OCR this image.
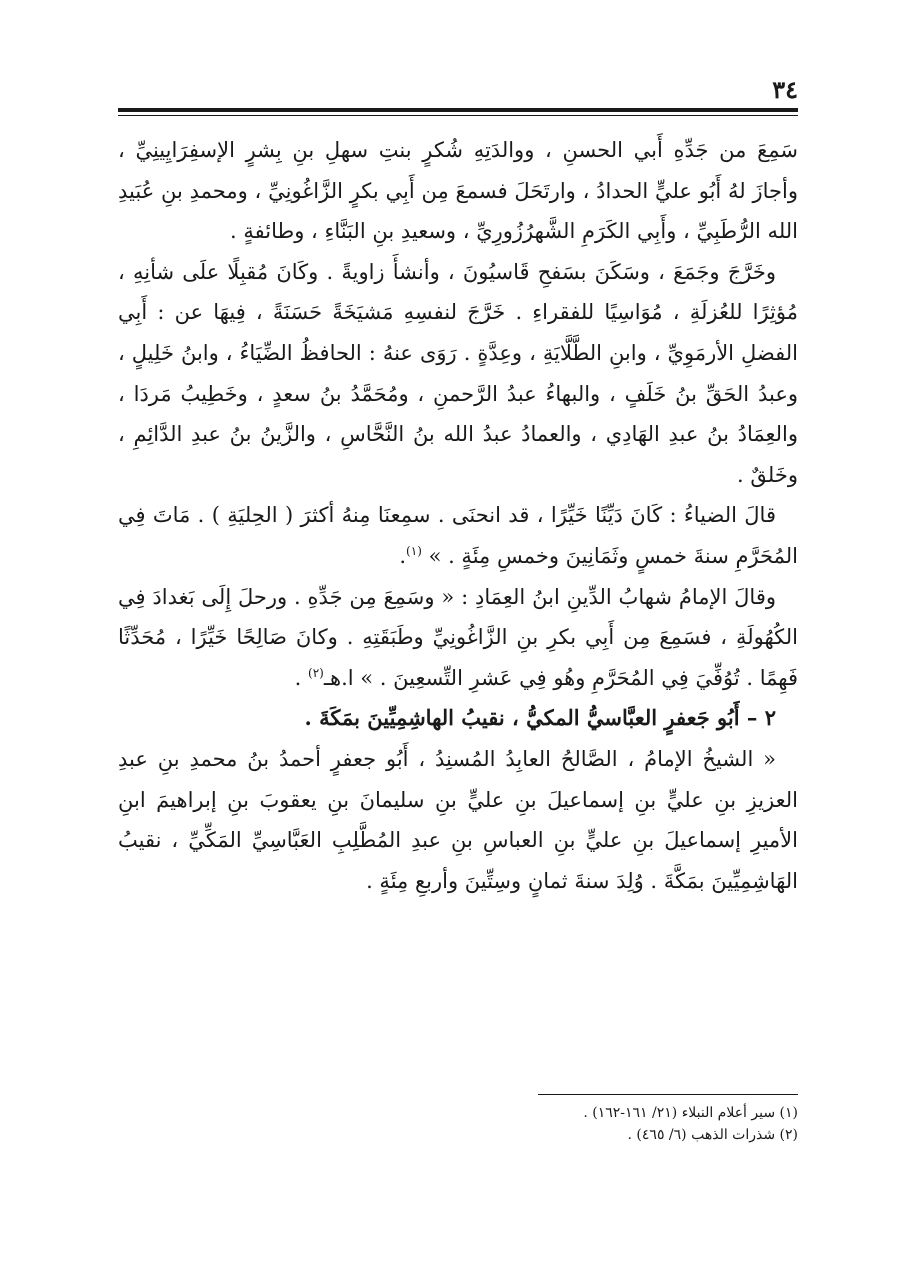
٣٤

سَمِعَ من جَدِّهِ أَبي الحسنِ ، ووالدَتِهِ شُكرٍ بنتِ سهلِ بنِ بِشرٍ الإسفِرَايِينِيِّ ، وأجازَ لهُ أَبُو عليٍّ الحدادُ ، وارتَحَلَ فسمعَ مِن أَبِي بكرٍ الزَّاغُونِيِّ ، ومحمدِ بنِ عُبَيدِ الله الرُّطَبِيِّ ، وأَبِي الكَرَمِ الشَّهرُزُورِيِّ ، وسعيدِ بنِ البَنَّاءِ ، وطائفةٍ .

وخَرَّجَ وجَمَعَ ، وسَكَنَ بسَفحِ قَاسيُونَ ، وأنشأَ زاويةً . وكَانَ مُقبِلًا علَى شأنِهِ ، مُؤثِرًا للعُزلَةِ ، مُوَاسِيًا للفقراءِ . خَرَّجَ لنفسِهِ مَشيَخَةً حَسَنَةً ، فِيهَا عن : أَبِي الفضلِ الأرمَوِيِّ ، وابنِ الطَّلَّايَةِ ، وعِدَّةٍ . رَوَى عنهُ : الحافظُ الضِّيَاءُ ، وابنُ خَلِيلٍ ، وعبدُ الحَقِّ بنُ خَلَفٍ ، والبهاءُ عبدُ الرَّحمنِ ، ومُحَمَّدُ بنُ سعدٍ ، وخَطِيبُ مَردَا ، والعِمَادُ بنُ عبدِ الهَادِي ، والعمادُ عبدُ الله بنُ النَّحَّاسِ ، والزَّينُ بنُ عبدِ الدَّائِمِ ، وخَلقٌ .

قالَ الضياءُ : كَانَ دَيِّنًا خَيِّرًا ، قد انحنَى . سمِعنَا مِنهُ أكثرَ ( الحِليَةِ ) . مَاتَ فِي المُحَرَّمِ سنةَ خمسٍ وثَمَانِينَ وخمسِ مِئَةٍ . » $^{(١)}$.

وقالَ الإمامُ شهابُ الدِّينِ ابنُ العِمَادِ : « وسَمِعَ مِن جَدِّهِ . ورحلَ إِلَى بَغدادَ فِي الكُهُولَةِ ، فسَمِعَ مِن أَبِي بكرِ بنِ الزَّاغُونِيِّ وطَبَقَتِهِ . وكانَ صَالِحًا خَيِّرًا ، مُحَدِّثًا فَهِمًا . تُوُفِّيَ فِي المُحَرَّمِ وهُو فِي عَشرِ التِّسعِينَ . » ا.هـ$^{(٢)}$ .

٢ – أَبُو جَعفرٍ العبَّاسيُّ المكيُّ ، نقيبُ الهاشِمِيِّينَ بمَكَةَ .

« الشيخُ الإمامُ ، الصَّالحُ العابِدُ المُسنِدُ ، أَبُو جعفرٍ أحمدُ بنُ محمدِ بنِ عبدِ العزيزِ بنِ عليٍّ بنِ إسماعيلَ بنِ عليٍّ بنِ سليمانَ بنِ يعقوبَ بنِ إبراهيمَ ابنِ الأميرِ إسماعيلَ بنِ عليٍّ بنِ العباسِ بنِ عبدِ المُطَّلِبِ العَبَّاسِيِّ المَكِّيِّ ، نقيبُ الهَاشِمِيِّينَ بمَكَّةَ . وُلِدَ سنةَ ثمانٍ وسِتِّينَ وأربعِ مِئَةٍ .

(١) سير أعلام النبلاء (٢١/ ١٦١-١٦٢) .

(٢) شذرات الذهب (٦/ ٤٦٥) .
